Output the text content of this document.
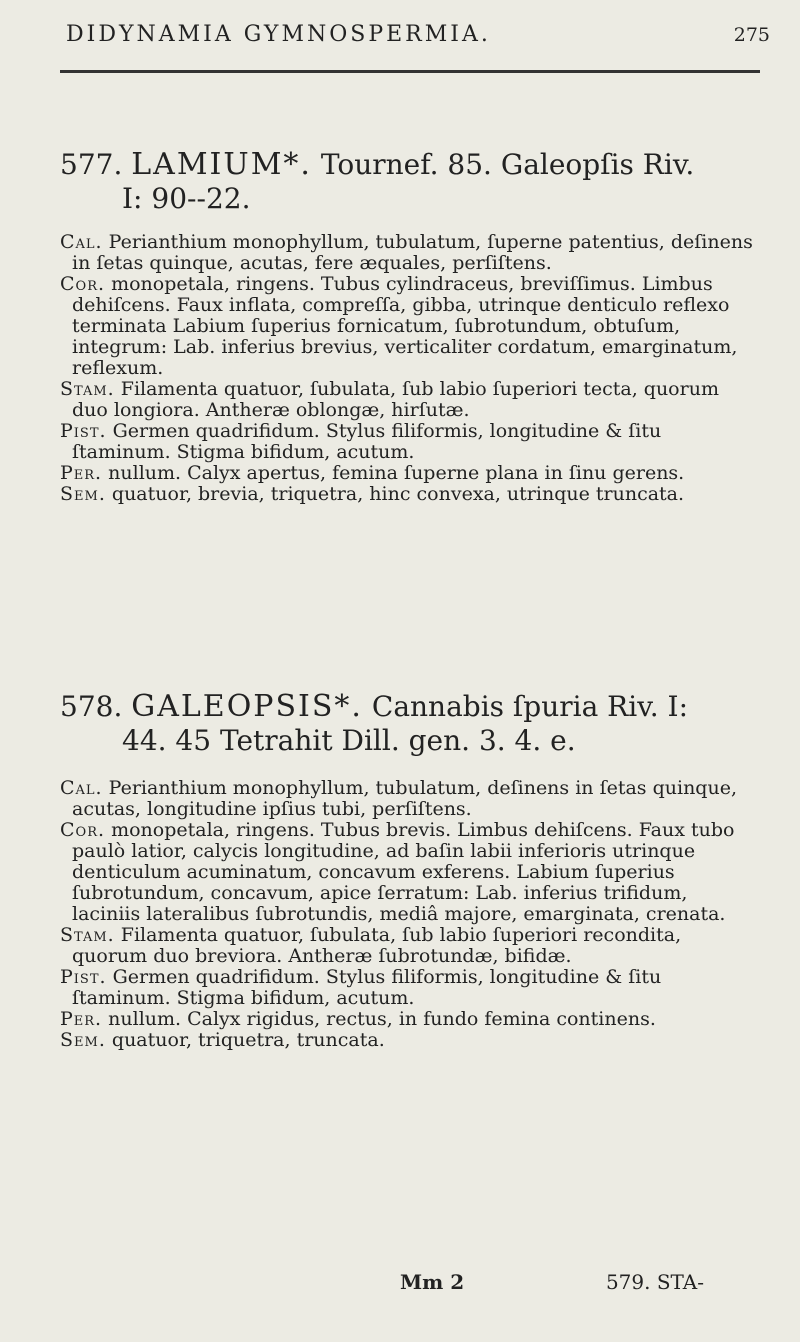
DIDYNAMIA GYMNOSPERMIA.	275
577. LAMIUM*. Tournef. 85. Galeopſis Riv.
I: 90--22.

Cal. Perianthium monophyllum, tubulatum, ſuperne patentius, deſinens in ſetas quinque, acutas, fere æquales, perſiſtens.

Cor. monopetala, ringens. Tubus cylindraceus, breviſſimus. Limbus dehiſcens. Faux inflata, compreſſa, gibba, utrinque denticulo reflexo terminata Labium ſuperius fornicatum, ſubrotundum, obtuſum, integrum: Lab. inferius brevius, verticaliter cordatum, emarginatum, reflexum.

Stam. Filamenta quatuor, ſubulata, ſub labio ſuperiori tecta, quorum duo longiora. Antheræ oblongæ, hirſutæ.

Pist. Germen quadrifidum. Stylus filiformis, longitudine & ſitu ſtaminum. Stigma bifidum, acutum.

Per. nullum. Calyx apertus, femina ſuperne plana in ſinu gerens.

Sem. quatuor, brevia, triquetra, hinc convexa, utrinque truncata.

578. GALEOPSIS*. Cannabis ſpuria Riv. I:
44. 45 Tetrahit Dill. gen. 3. 4. e.

Cal. Perianthium monophyllum, tubulatum, deſinens in ſetas quinque, acutas, longitudine ipſius tubi, perſiſtens.

Cor. monopetala, ringens. Tubus brevis. Limbus dehiſcens. Faux tubo paulò latior, calycis longitudine, ad baſin labii inferioris utrinque denticulum acuminatum, concavum exferens. Labium ſuperius ſubrotundum, concavum, apice ſerratum: Lab. inferius trifidum, laciniis lateralibus ſubrotundis, mediâ majore, emarginata, crenata.

Stam. Filamenta quatuor, ſubulata, ſub labio ſuperiori recondita, quorum duo breviora. Antheræ ſubrotundæ, bifidæ.

Pist. Germen quadrifidum. Stylus filiformis, longitudine & ſitu ſtaminum. Stigma bifidum, acutum.

Per. nullum. Calyx rigidus, rectus, in fundo femina continens.

Sem. quatuor, triquetra, truncata.

Mm 2	579. STA-
